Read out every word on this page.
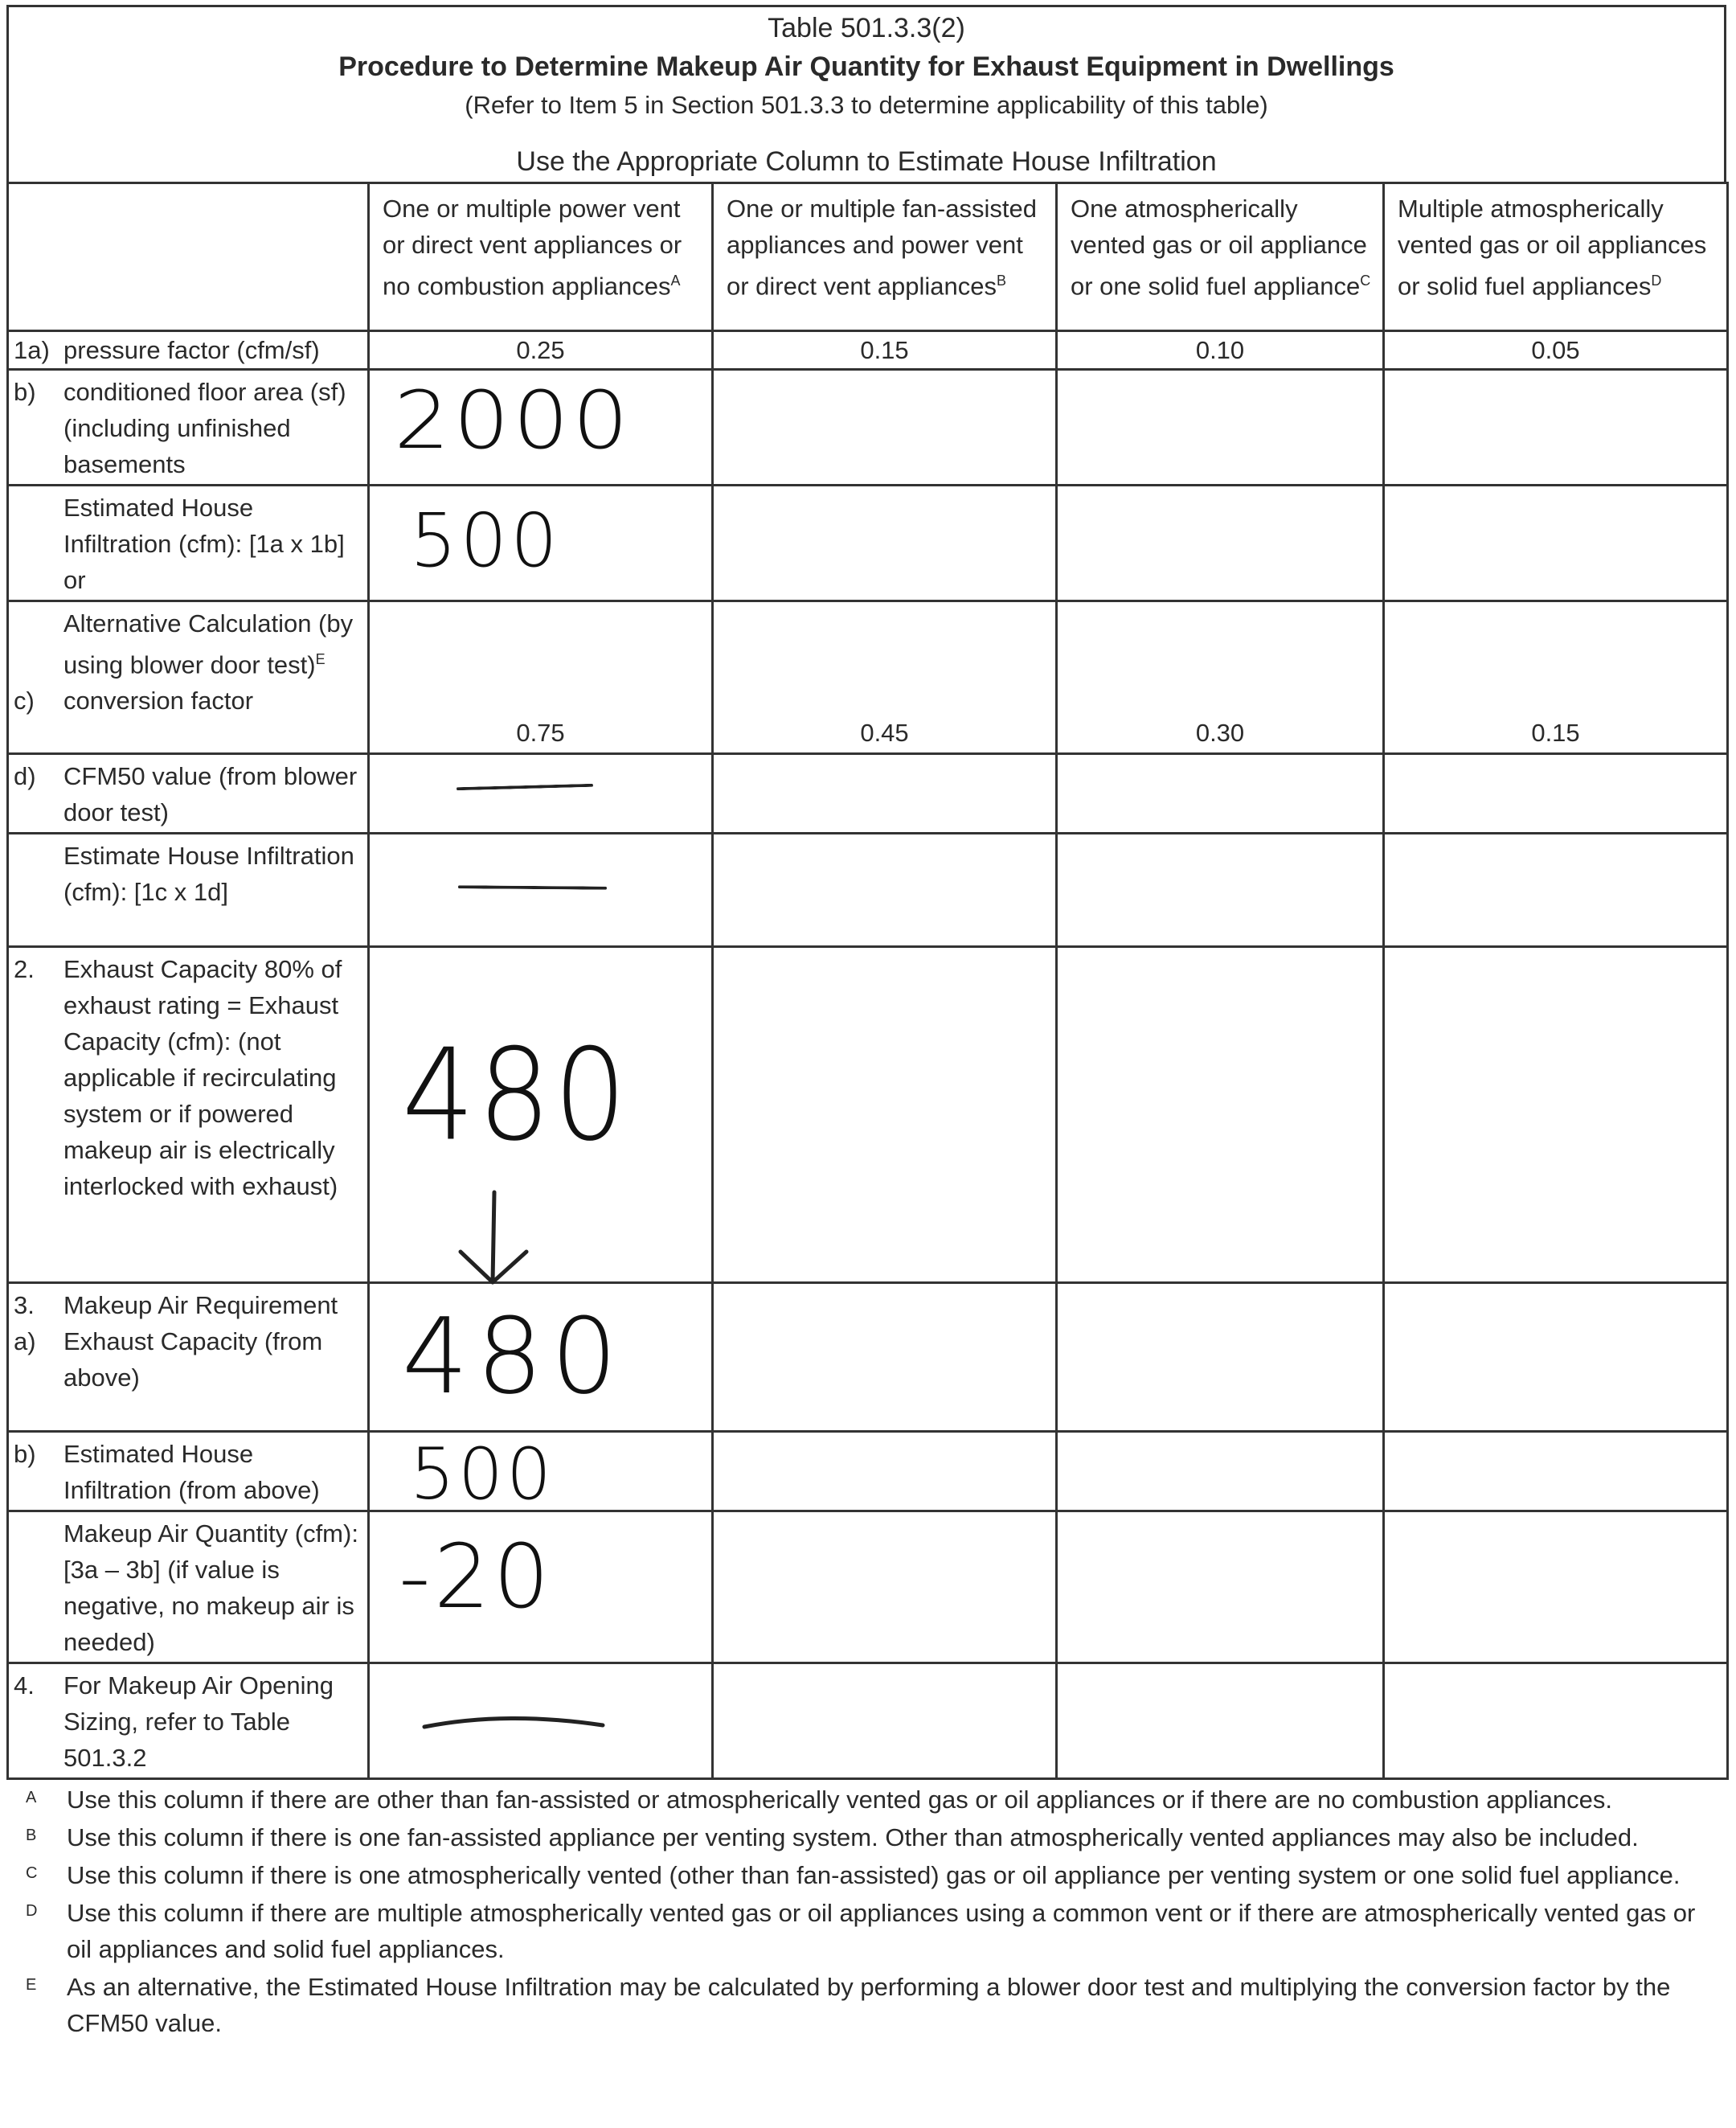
Table 501.3.3(2)
Procedure to Determine Makeup Air Quantity for Exhaust Equipment in Dwellings
(Refer to Item 5 in Section 501.3.3 to determine applicability of this table)
Use the Appropriate Column to Estimate House Infiltration
	One or multiple power vent or direct vent appliances or no combustion appliances$^A$	One or multiple fan-assisted appliances and power vent or direct vent appliances$^B$	One atmospherically vented gas or oil appliance or one solid fuel appliance$^C$	Multiple atmospherically vented gas or oil appliances or solid fuel appliances$^D$

1a) pressure factor (cfm/sf)	0.25	0.15	0.10	0.05

b) conditioned floor area (sf) (including unfinished basements	2000			

Estimated House Infiltration (cfm): [1a x 1b] or	500			

Alternative Calculation (by using blower door test)$^E$
c) conversion factor	0.75	0.45	0.30	0.15

d) CFM50 value (from blower door test)				

Estimate House Infiltration (cfm): [1c x 1d]				

2. Exhaust Capacity 80% of exhaust rating = Exhaust Capacity (cfm): (not applicable if recirculating system or if powered makeup air is electrically interlocked with exhaust)	480			

3. Makeup Air Requirement
a) Exhaust Capacity (from above)	480			

b) Estimated House Infiltration (from above)	500			

Makeup Air Quantity (cfm): [3a – 3b] (if value is negative, no makeup air is needed)	-20			

4. For Makeup Air Opening Sizing, refer to Table 501.3.2

A	Use this column if there are other than fan-assisted or atmospherically vented gas or oil appliances or if there are no combustion appliances.
B	Use this column if there is one fan-assisted appliance per venting system. Other than atmospherically vented appliances may also be included.
C	Use this column if there is one atmospherically vented (other than fan-assisted) gas or oil appliance per venting system or one solid fuel appliance.
D	Use this column if there are multiple atmospherically vented gas or oil appliances using a common vent or if there are atmospherically vented gas or oil appliances and solid fuel appliances.
E	As an alternative, the Estimated House Infiltration may be calculated by performing a blower door test and multiplying the conversion factor by the CFM50 value.
